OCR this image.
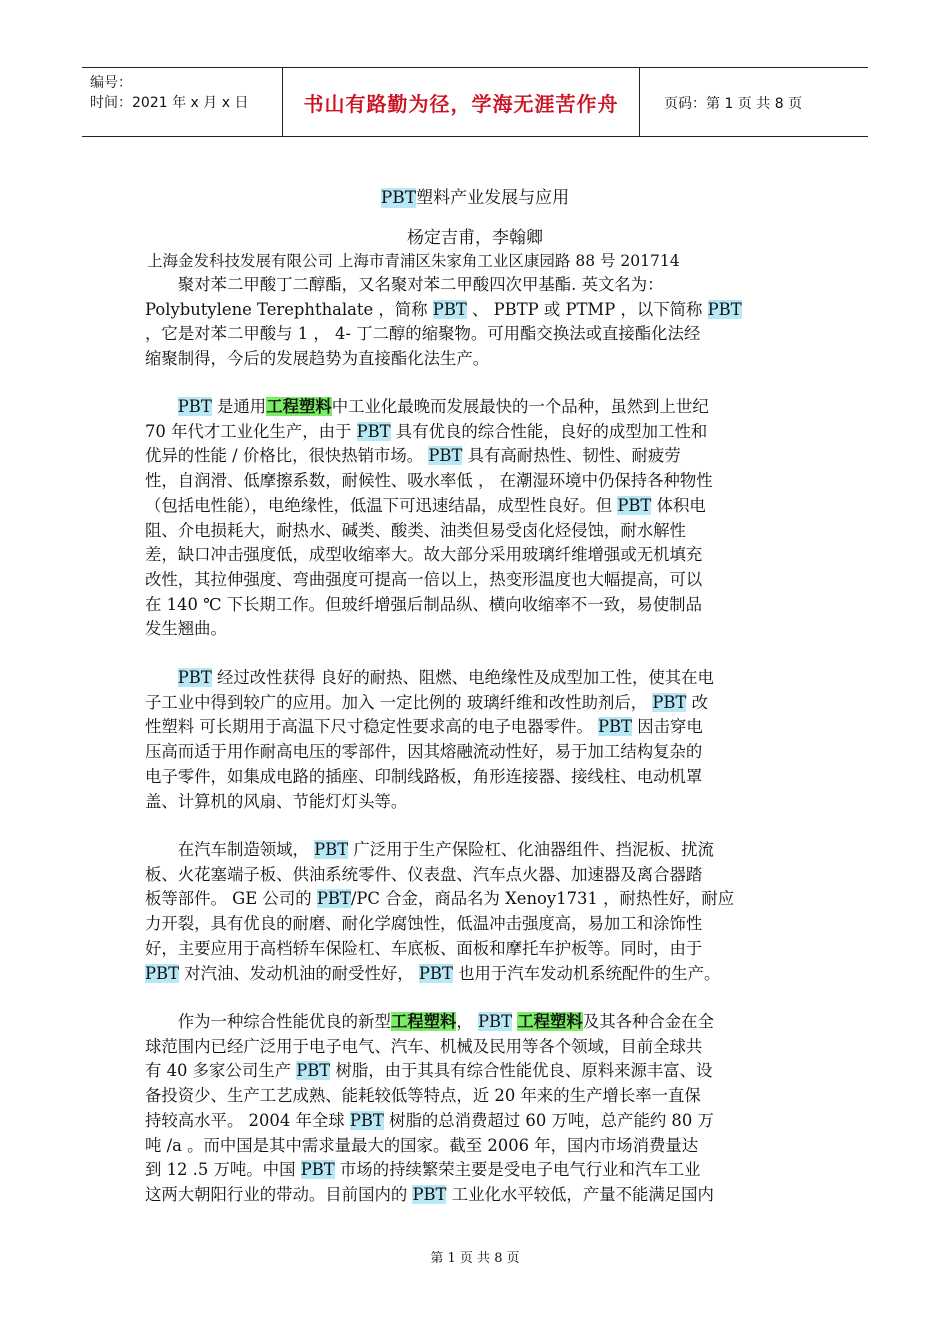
编号：
时间：2021 年 x 月 x 日	书山有路勤为径，学海无涯苦作舟	页码：第 1 页 共 8 页
PBT塑料产业发展与应用
杨定吉甫，李翰卿
上海金发科技发展有限公司 上海市青浦区朱家角工业区康园路 88 号 201714
　　聚对苯二甲酸丁二醇酯，又名聚对苯二甲酸四次甲基酯. 英文名为：
Polybutylene Terephthalate ，简称 PBT 、 PBTP 或 PTMP ，以下简称 PBT
，它是对苯二甲酸与 1 ， 4- 丁二醇的缩聚物。可用酯交换法或直接酯化法经
缩聚制得，今后的发展趋势为直接酯化法生产。
　　PBT 是通用工程塑料中工业化最晚而发展最快的一个品种，虽然到上世纪
70 年代才工业化生产，由于 PBT 具有优良的综合性能，良好的成型加工性和
优异的性能 / 价格比，很快热销市场。 PBT 具有高耐热性、韧性、耐疲劳
性，自润滑、低摩擦系数，耐候性、吸水率低 ， 在潮湿环境中仍保持各种物性
（包括电性能），电绝缘性，低温下可迅速结晶，成型性良好。但 PBT 体积电
阻、介电损耗大，耐热水、碱类、酸类、油类但易受卤化烃侵蚀，耐水解性
差，缺口冲击强度低，成型收缩率大。故大部分采用玻璃纤维增强或无机填充
改性，其拉伸强度、弯曲强度可提高一倍以上，热变形温度也大幅提高，可以
在 140 ℃ 下长期工作。但玻纤增强后制品纵、横向收缩率不一致，易使制品
发生翘曲。
　　PBT 经过改性获得 良好的耐热、阻燃、电绝缘性及成型加工性，使其在电
子工业中得到较广的应用。加入 一定比例的 玻璃纤维和改性助剂后， PBT 改
性塑料 可长期用于高温下尺寸稳定性要求高的电子电器零件。 PBT 因击穿电
压高而适于用作耐高电压的零部件，因其熔融流动性好，易于加工结构复杂的
电子零件，如集成电路的插座、印制线路板，角形连接器、接线柱、电动机罩
盖、计算机的风扇、节能灯灯头等。
　　在汽车制造领域， PBT 广泛用于生产保险杠、化油器组件、挡泥板、扰流
板、火花塞端子板、供油系统零件、仪表盘、汽车点火器、加速器及离合器踏
板等部件。 GE 公司的 PBT/PC 合金，商品名为 Xenoy1731 ，耐热性好，耐应
力开裂，具有优良的耐磨、耐化学腐蚀性，低温冲击强度高，易加工和涂饰性
好，主要应用于高档轿车保险杠、车底板、面板和摩托车护板等。同时，由于
PBT 对汽油、发动机油的耐受性好， PBT 也用于汽车发动机系统配件的生产。
　　作为一种综合性能优良的新型工程塑料， PBT 工程塑料及其各种合金在全
球范围内已经广泛用于电子电气、汽车、机械及民用等各个领域，目前全球共
有 40 多家公司生产 PBT 树脂，由于其具有综合性能优良、原料来源丰富、设
备投资少、生产工艺成熟、能耗较低等特点，近 20 年来的生产增长率一直保
持较高水平。 2004 年全球 PBT 树脂的总消费超过 60 万吨，总产能约 80 万
吨 /a 。而中国是其中需求量最大的国家。截至 2006 年，国内市场消费量达
到 12 .5 万吨。中国 PBT 市场的持续繁荣主要是受电子电气行业和汽车工业
这两大朝阳行业的带动。目前国内的 PBT 工业化水平较低，产量不能满足国内
第 1 页 共 8 页
